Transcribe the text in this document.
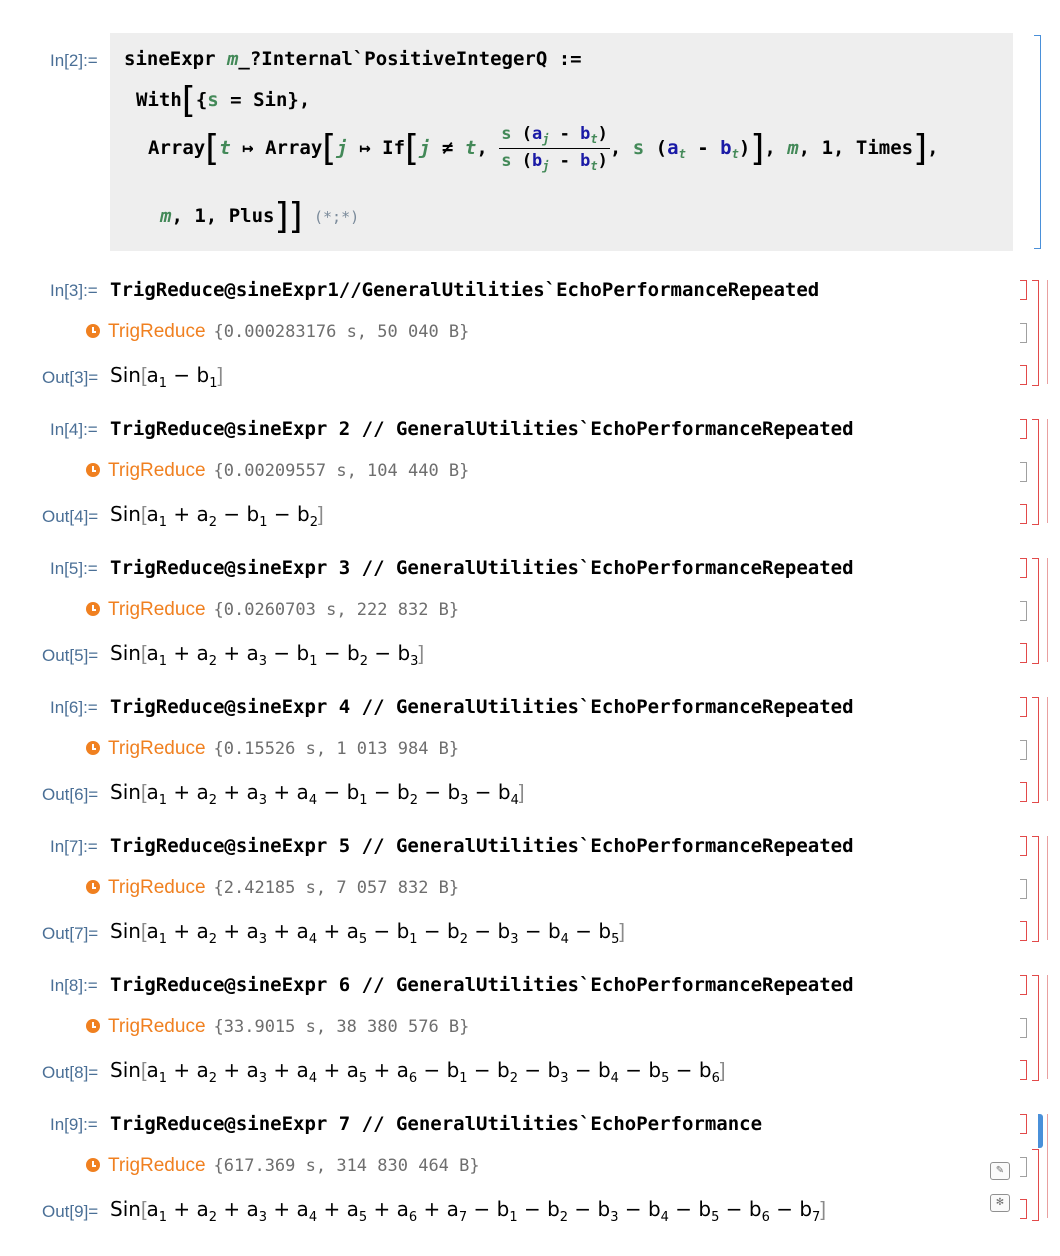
In[2]:= sineExpr m_?Internal`PositiveIntegerQ :=
With[{s = Sin},
Array[t ↦ Array[j ↦ If[j ≠ t, $\frac{s (a_j - b_t)}{s (b_j - b_t)}$ , s $(a_t - b_t)$], m, 1, Times],
m, 1, Plus]] (*;*)
In[3]:= TrigReduce@sineExpr1//GeneralUtilities`EchoPerformanceRepeated
TrigReduce {0.000283176 s, 50 040 B}
$Out[3]= Sin[a_1 - b_1]$
In[4]:= TrigReduce@sineExpr 2 // GeneralUtilities`EchoPerformanceRepeated
TrigReduce {0.00209557 s, 104 440 B}
$Out[4]= Sin[a_1 + a_2 - b_1 - b_2]$
In[5]:= TrigReduce@sineExpr 3 // GeneralUtilities`EchoPerformanceRepeated
TrigReduce {0.0260703 s, 222 832 B}
$Out[5]= Sin[a_1 + a_2 + a_3 - b_1 - b_2 - b_3]$
In[6]:= TrigReduce@sineExpr 4 // GeneralUtilities`EchoPerformanceRepeated
TrigReduce {0.15526 s, 1 013 984 B}
$Out[6]= Sin[a_1 + a_2 + a_3 + a_4 - b_1 - b_2 - b_3 - b_4]$
In[7]:= TrigReduce@sineExpr 5 // GeneralUtilities`EchoPerformanceRepeated
TrigReduce {2.42185 s, 7 057 832 B}
$Out[7]= Sin[a_1 + a_2 + a_3 + a_4 + a_5 - b_1 - b_2 - b_3 - b_4 - b_5]$
In[8]:= TrigReduce@sineExpr 6 // GeneralUtilities`EchoPerformanceRepeated
TrigReduce {33.9015 s, 38 380 576 B}
$Out[8]= Sin[a_1 + a_2 + a_3 + a_4 + a_5 + a_6 - b_1 - b_2 - b_3 - b_4 - b_5 - b_6]$
In[9]:= TrigReduce@sineExpr 7 // GeneralUtilities`EchoPerformance
TrigReduce {617.369 s, 314 830 464 B}
$Out[9]= Sin[a_1 + a_2 + a_3 + a_4 + a_5 + a_6 + a_7 - b_1 - b_2 - b_3 - b_4 - b_5 - b_6 - b_7]$
✎
✻
